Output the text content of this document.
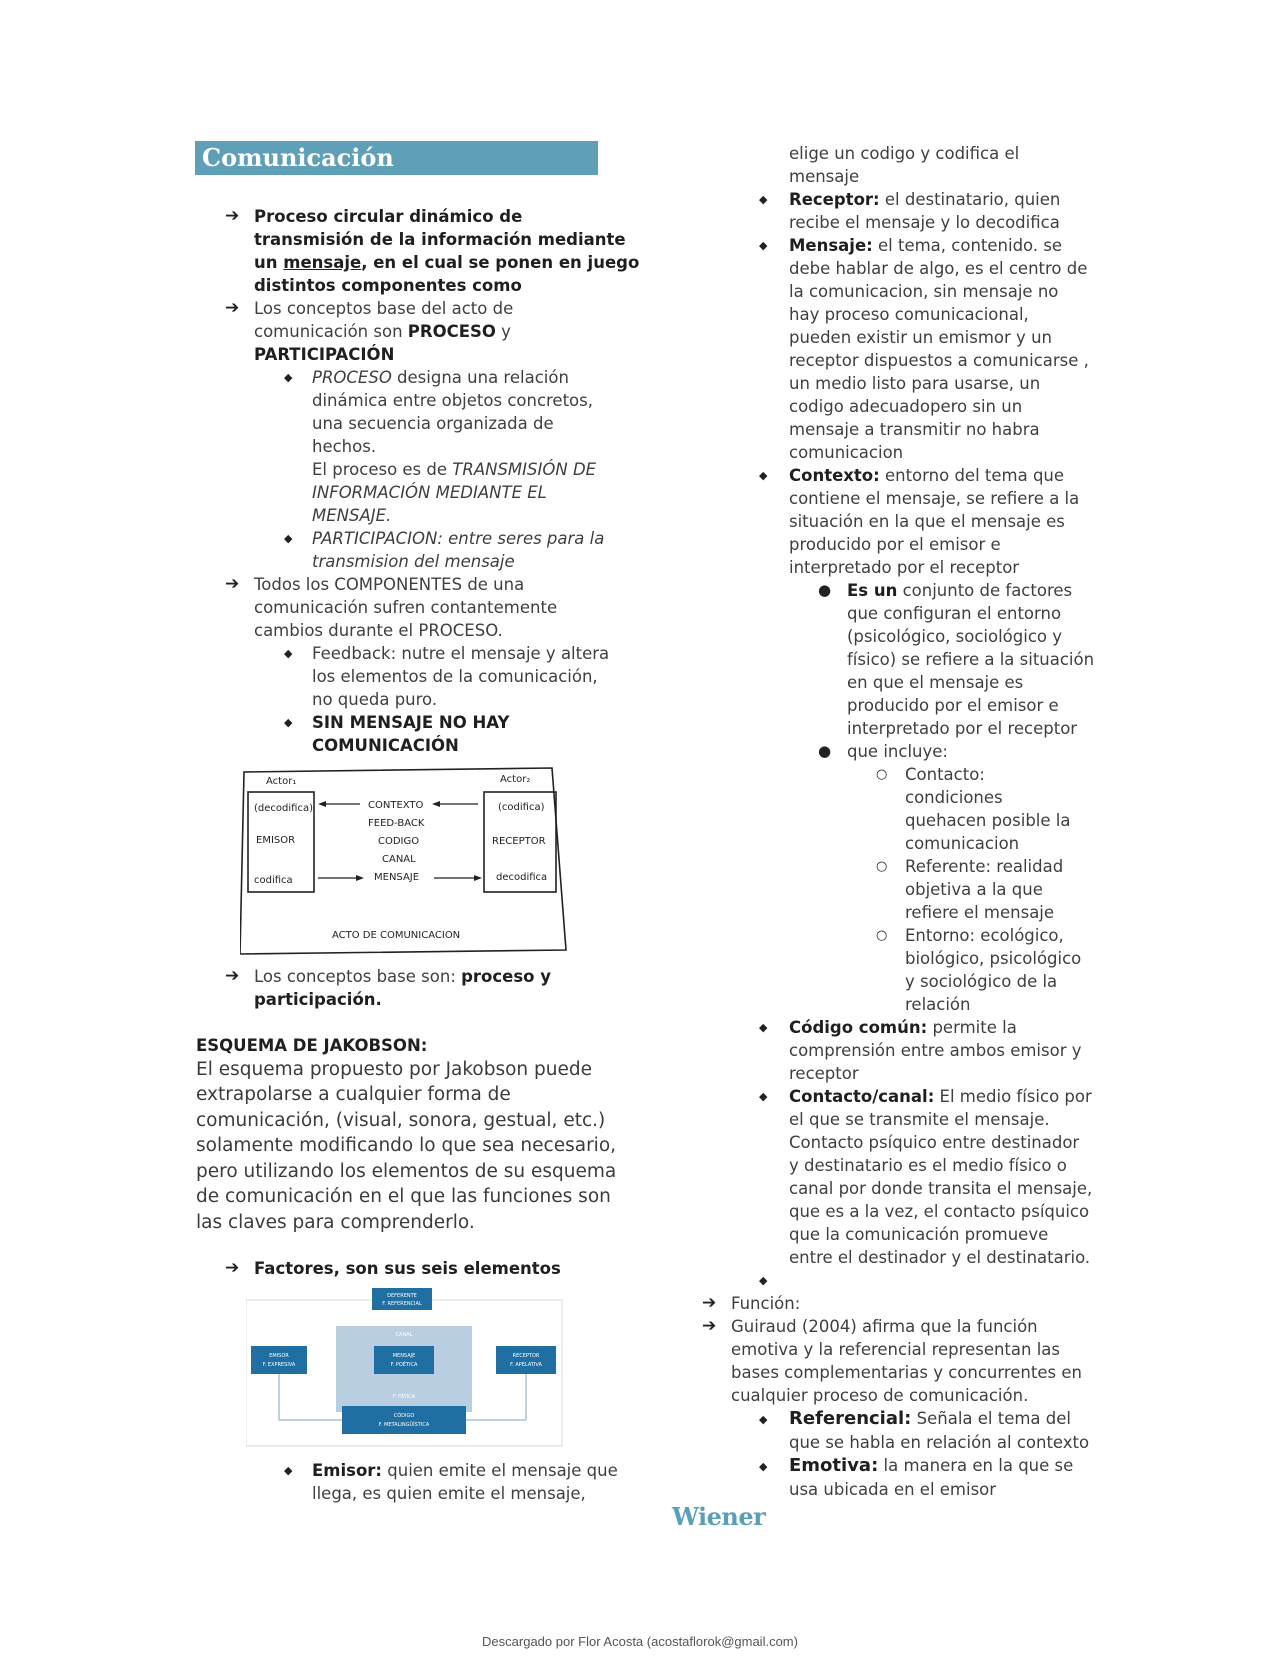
Comunicación
➔ Proceso circular dinámico de
transmisión de la información mediante
un mensaje, en el cual se ponen en juego
distintos componentes como
➔ Los conceptos base del acto de
comunicación son PROCESO y
PARTICIPACIÓN
◆ PROCESO designa una relación
dinámica entre objetos concretos,
una secuencia organizada de
hechos.
El proceso es de TRANSMISIÓN DE
INFORMACIÓN MEDIANTE EL
MENSAJE.
◆ PARTICIPACION: entre seres para la
transmision del mensaje
➔ Todos los COMPONENTES de una
comunicación sufren contantemente
cambios durante el PROCESO.
◆ Feedback: nutre el mensaje y altera
los elementos de la comunicación,
no queda puro.
◆ SIN MENSAJE NO HAY
COMUNICACIÓN
Actor₁	Actor₂
(decodifica)
EMISOR
codifica
(codifica)
RECEPTOR
decodifica
CONTEXTO
FEED-BACK
CODIGO
CANAL
MENSAJE
ACTO DE COMUNICACION
➔ Los conceptos base son: proceso y
participación.
ESQUEMA DE JAKOBSON:
El esquema propuesto por Jakobson puede
extrapolarse a cualquier forma de
comunicación, (visual, sonora, gestual, etc.)
solamente modificando lo que sea necesario,
pero utilizando los elementos de su esquema
de comunicación en el que las funciones son
las claves para comprenderlo.
➔ Factores, son sus seis elementos
DEFERENTE
F. REFERENCIAL
CANAL
EMISOR
F. EXPRESIVA
MENSAJE
F. POÉTICA
RECEPTOR
F. APELATIVA
F. FÁTICA
CÓDIGO
F. METALINGÜÍSTICA
◆ Emisor: quien emite el mensaje que
llega, es quien emite el mensaje,
elige un codigo y codifica el
mensaje
◆ Receptor: el destinatario, quien
recibe el mensaje y lo decodifica
◆ Mensaje: el tema, contenido. se
debe hablar de algo, es el centro de
la comunicacion, sin mensaje no
hay proceso comunicacional,
pueden existir un emismor y un
receptor dispuestos a comunicarse ,
un medio listo para usarse, un
codigo adecuadopero sin un
mensaje a transmitir no habra
comunicacion
◆ Contexto: entorno del tema que
contiene el mensaje, se refiere a la
situación en la que el mensaje es
producido por el emisor e
interpretado por el receptor
● Es un conjunto de factores
que configuran el entorno
(psicológico, sociológico y
físico) se refiere a la situación
en que el mensaje es
producido por el emisor e
interpretado por el receptor
● que incluye:
○ Contacto:
condiciones
quehacen posible la
comunicacion
○ Referente: realidad
objetiva a la que
refiere el mensaje
○ Entorno: ecológico,
biológico, psicológico
y sociológico de la
relación
◆ Código común: permite la
comprensión entre ambos emisor y
receptor
◆ Contacto/canal: El medio físico por
el que se transmite el mensaje.
Contacto psíquico entre destinador
y destinatario es el medio físico o
canal por donde transita el mensaje,
que es a la vez, el contacto psíquico
que la comunicación promueve
entre el destinador y el destinatario.
◆
➔ Función:
➔ Guiraud (2004) afirma que la función
emotiva y la referencial representan las
bases complementarias y concurrentes en
cualquier proceso de comunicación.
◆ Referencial: Señala el tema del
que se habla en relación al contexto
◆ Emotiva: la manera en la que se
usa ubicada en el emisor
Wiener
Descargado por Flor Acosta (acostaflorok@gmail.com)
